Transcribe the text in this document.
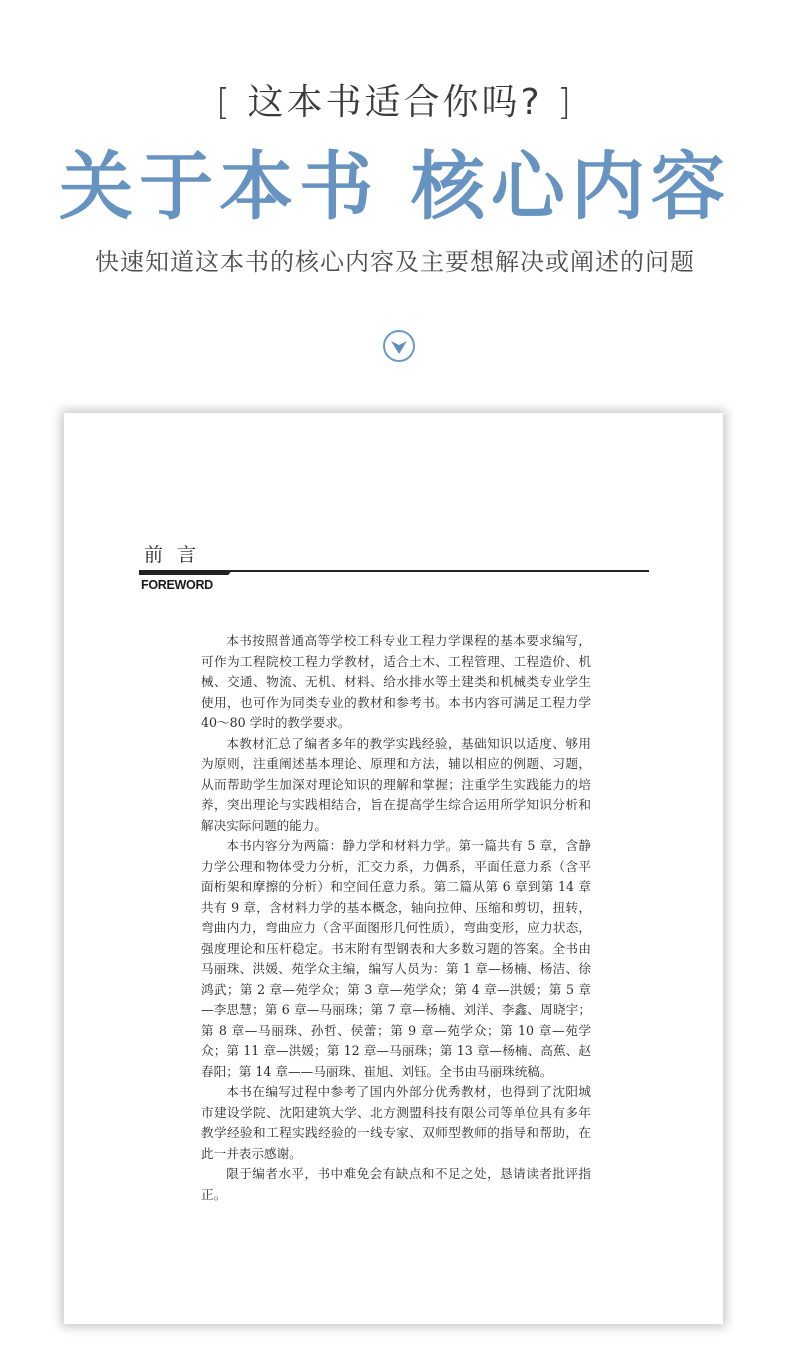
[ 这本书适合你吗? ]
关于本书 核心内容
快速知道这本书的核心内容及主要想解决或阐述的问题
前言
FOREWORD

本书按照普通高等学校工科专业工程力学课程的基本要求编写，可作为工程院校工程力学教材，适合土木、工程管理、工程造价、机械、交通、物流、无机、材料、给水排水等土建类和机械类专业学生使用，也可作为同类专业的教材和参考书。本书内容可满足工程力学 40～80 学时的教学要求。

本教材汇总了编者多年的教学实践经验，基础知识以适度、够用为原则，注重阐述基本理论、原理和方法，辅以相应的例题、习题，从而帮助学生加深对理论知识的理解和掌握；注重学生实践能力的培养，突出理论与实践相结合，旨在提高学生综合运用所学知识分析和解决实际问题的能力。

本书内容分为两篇：静力学和材料力学。第一篇共有 5 章，含静力学公理和物体受力分析，汇交力系，力偶系，平面任意力系（含平面桁架和摩擦的分析）和空间任意力系。第二篇从第 6 章到第 14 章共有 9 章，含材料力学的基本概念，轴向拉伸、压缩和剪切，扭转，弯曲内力，弯曲应力（含平面图形几何性质），弯曲变形，应力状态，强度理论和压杆稳定。书末附有型钢表和大多数习题的答案。全书由马丽珠、洪媛、苑学众主编，编写人员为：第 1 章—杨楠、杨洁、徐鸿武；第 2 章—苑学众；第 3 章—苑学众；第 4 章—洪媛；第 5 章—李思慧；第 6 章—马丽珠；第 7 章—杨楠、刘洋、李鑫、周晓宇；第 8 章—马丽珠、孙哲、侯蕾；第 9 章—苑学众；第 10 章—苑学众；第 11 章—洪媛；第 12 章—马丽珠；第 13 章—杨楠、高蕉、赵春阳；第 14 章——马丽珠、崔旭、刘钰。全书由马丽珠统稿。

本书在编写过程中参考了国内外部分优秀教材，也得到了沈阳城市建设学院、沈阳建筑大学、北方测盟科技有限公司等单位具有多年教学经验和工程实践经验的一线专家、双师型教师的指导和帮助，在此一并表示感谢。

限于编者水平，书中难免会有缺点和不足之处，恳请读者批评指正。
